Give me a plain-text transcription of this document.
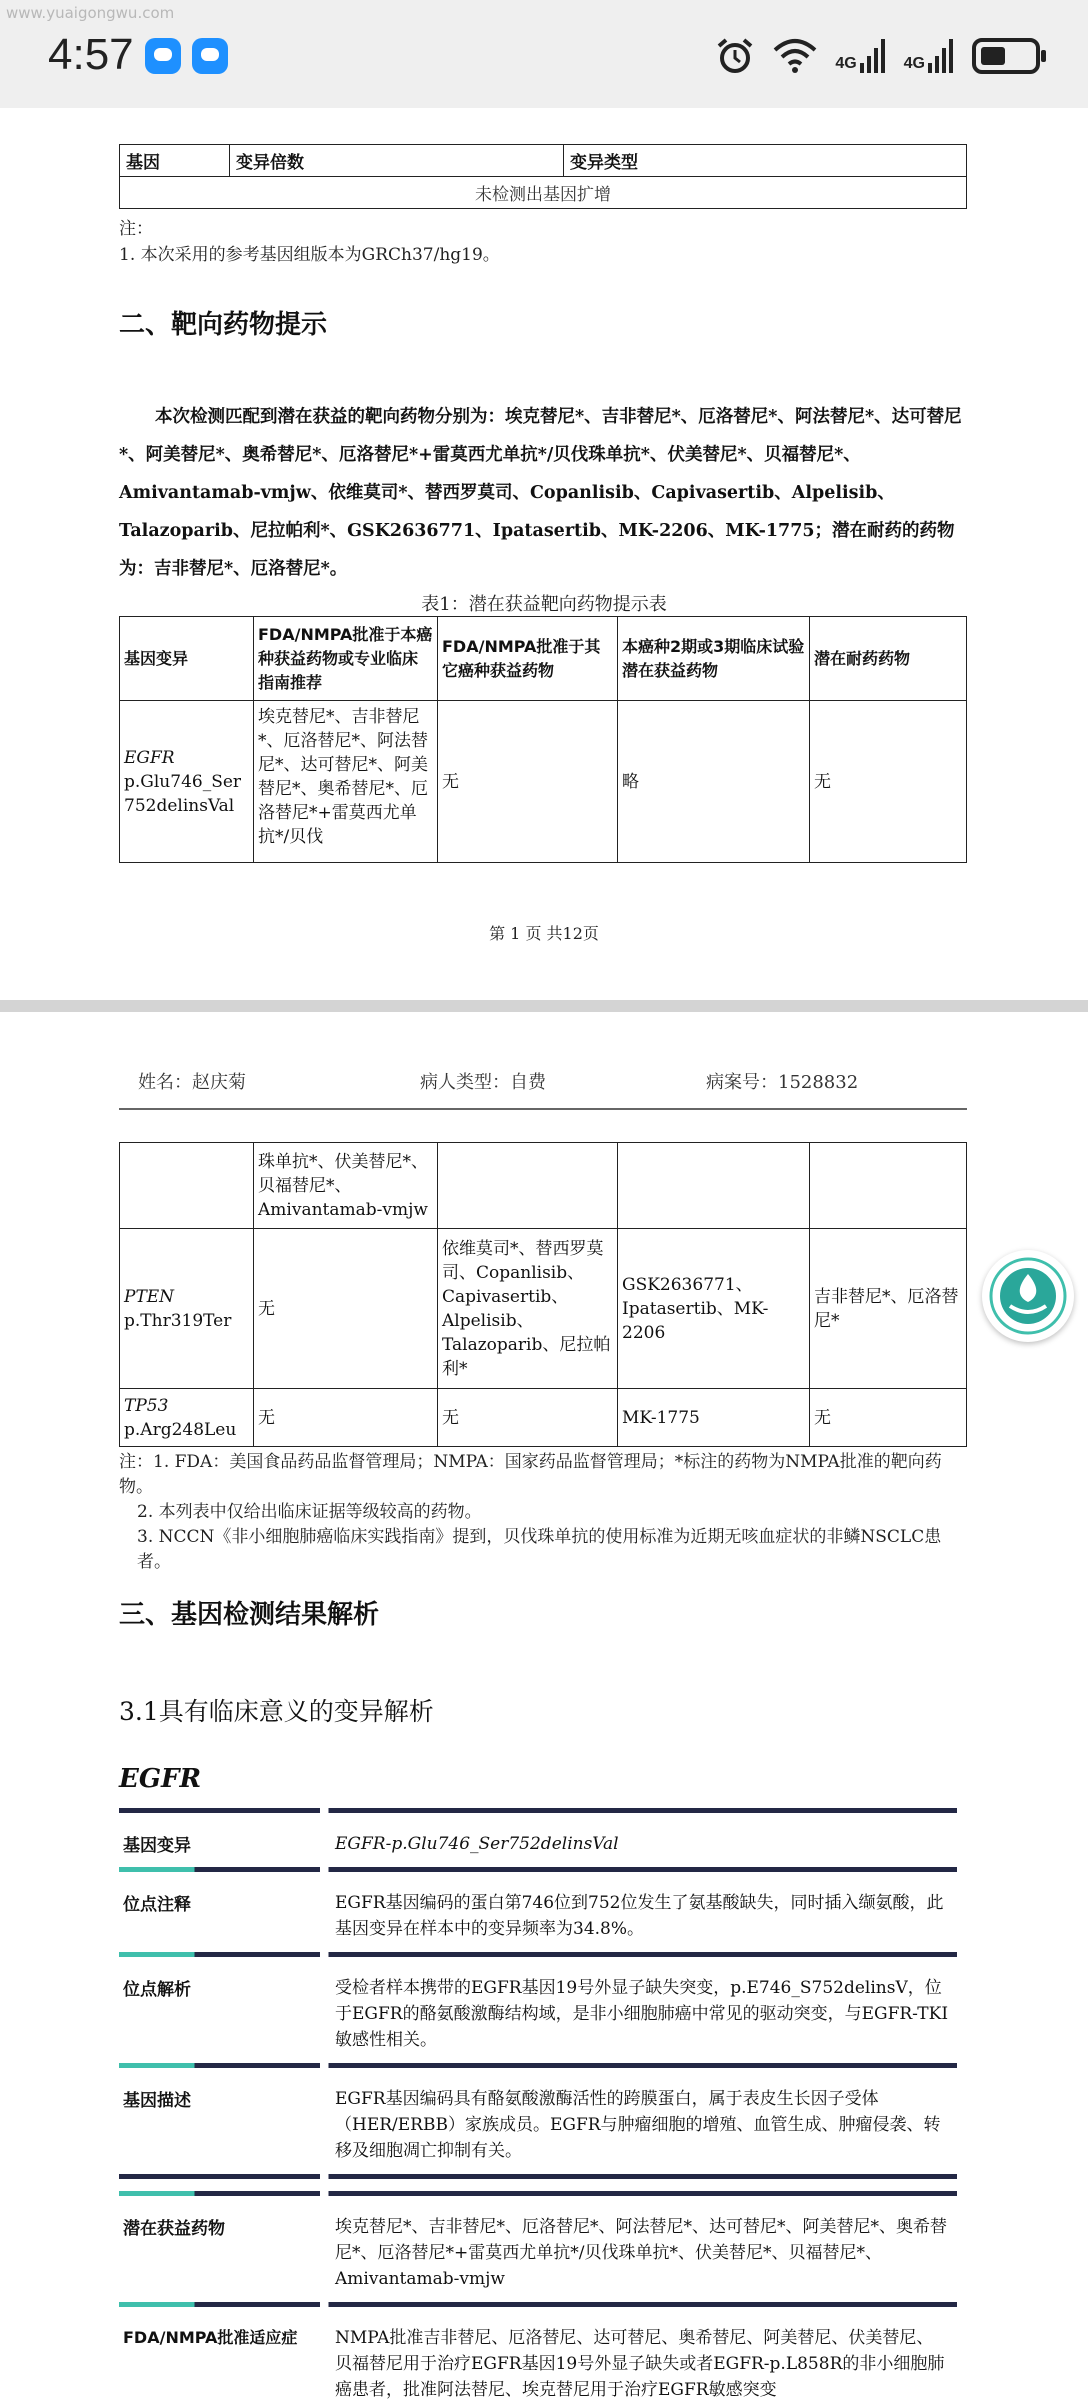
www.yuaigongwu.com
4:57	4G	4G
基因	变异倍数	变异类型
未检测出基因扩增
注：
1. 本次采用的参考基因组版本为GRCh37/hg19。
二、靶向药物提示
本次检测匹配到潜在获益的靶向药物分别为：埃克替尼*、吉非替尼*、厄洛替尼*、阿法替尼*、达可替尼*、阿美替尼*、奥希替尼*、厄洛替尼*+雷莫西尤单抗*/贝伐珠单抗*、伏美替尼*、贝福替尼*、Amivantamab-vmjw、依维莫司*、替西罗莫司、Copanlisib、Capivasertib、Alpelisib、Talazoparib、尼拉帕利*、GSK2636771、Ipatasertib、MK-2206、MK-1775；潜在耐药的药物为：吉非替尼*、厄洛替尼*。
表1：潜在获益靶向药物提示表
基因变异	FDA/NMPA批准于本癌种获益药物或专业临床指南推荐	FDA/NMPA批准于其它癌种获益药物	本癌种2期或3期临床试验潜在获益药物	潜在耐药药物

EGFR
p.Glu746_Ser752delinsVal	埃克替尼*、吉非替尼*、厄洛替尼*、阿法替尼*、达可替尼*、阿美替尼*、奥希替尼*、厄洛替尼*+雷莫西尤单抗*/贝伐	无	略	无
第 1 页 共12页
姓名：赵庆菊	病人类型：自费	病案号：1528832
	珠单抗*、伏美替尼*、贝福替尼*、Amivantamab-vmjw			

PTEN
p.Thr319Ter	无	依维莫司*、替西罗莫司、Copanlisib、Capivasertib、Alpelisib、Talazoparib、尼拉帕利*	GSK2636771、Ipatasertib、MK-2206	吉非替尼*、厄洛替尼*

TP53
p.Arg248Leu	无	无	MK-1775	无
注：1. FDA：美国食品药品监督管理局；NMPA：国家药品监督管理局；*标注的药物为NMPA批准的靶向药物。
2. 本列表中仅给出临床证据等级较高的药物。
3. NCCN《非小细胞肺癌临床实践指南》提到，贝伐珠单抗的使用标准为近期无咳血症状的非鳞NSCLC患者。
三、基因检测结果解析
3.1具有临床意义的变异解析
EGFR
基因变异	EGFR-p.Glu746_Ser752delinsVal
位点注释	EGFR基因编码的蛋白第746位到752位发生了氨基酸缺失，同时插入缬氨酸，此基因变异在样本中的变异频率为34.8%。
位点解析	受检者样本携带的EGFR基因19号外显子缺失突变，p.E746_S752delinsV，位于EGFR的酪氨酸激酶结构域，是非小细胞肺癌中常见的驱动突变，与EGFR-TKI敏感性相关。
基因描述	EGFR基因编码具有酪氨酸激酶活性的跨膜蛋白，属于表皮生长因子受体（HER/ERBB）家族成员。EGFR与肿瘤细胞的增殖、血管生成、肿瘤侵袭、转移及细胞凋亡抑制有关。
潜在获益药物	埃克替尼*、吉非替尼*、厄洛替尼*、阿法替尼*、达可替尼*、阿美替尼*、奥希替尼*、厄洛替尼*+雷莫西尤单抗*/贝伐珠单抗*、伏美替尼*、贝福替尼*、Amivantamab-vmjw
FDA/NMPA批准适应症	NMPA批准吉非替尼、厄洛替尼、达可替尼、奥希替尼、阿美替尼、伏美替尼、贝福替尼用于治疗EGFR基因19号外显子缺失或者EGFR-p.L858R的非小细胞肺癌患者，批准阿法替尼、埃克替尼用于治疗EGFR敏感突变
